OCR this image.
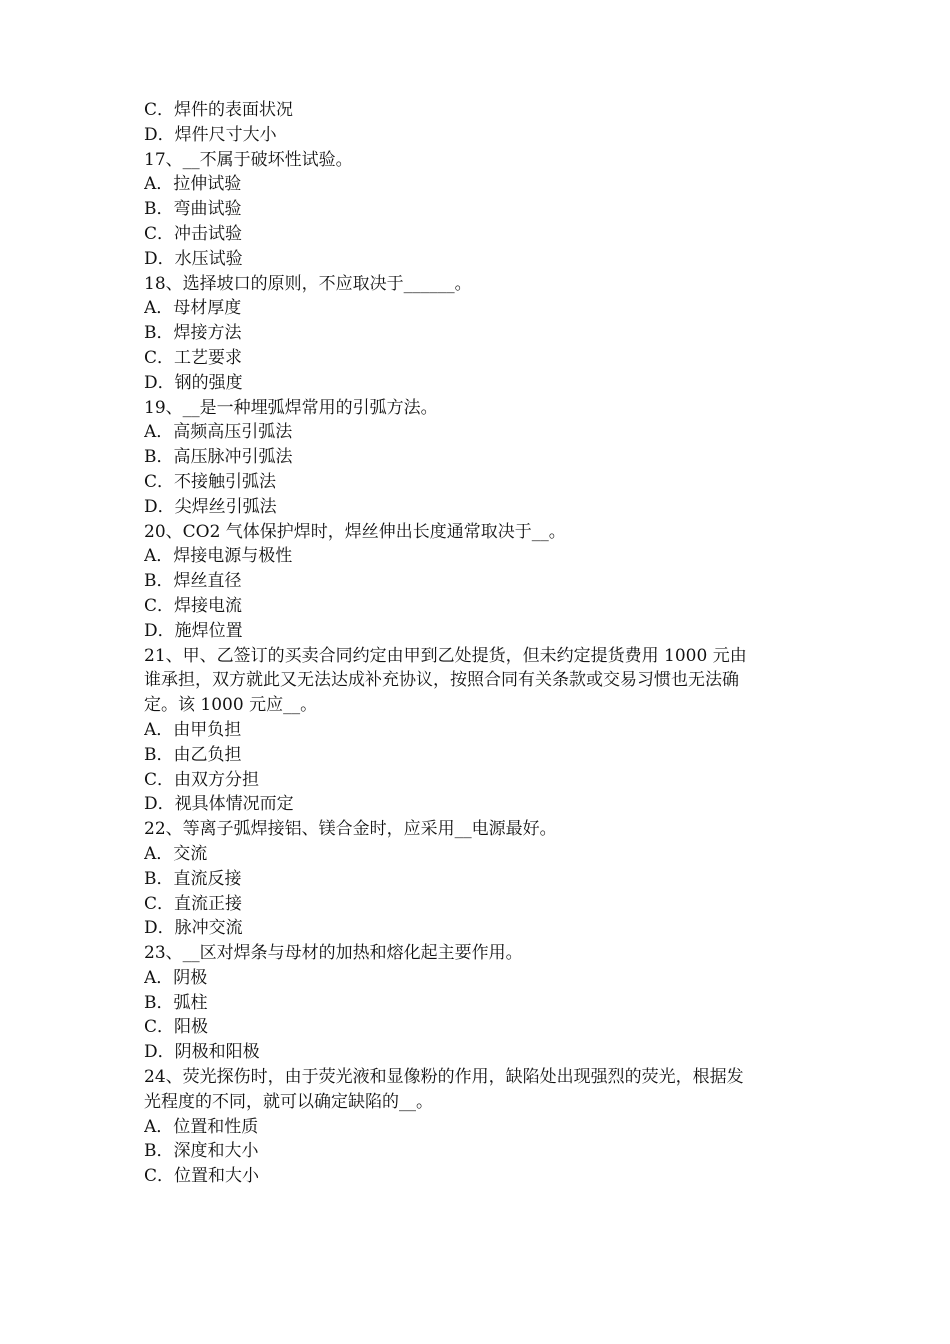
C．焊件的表面状况
D．焊件尺寸大小
17、__不属于破坏性试验。
A．拉伸试验
B．弯曲试验
C．冲击试验
D．水压试验
18、选择坡口的原则，不应取决于______。
A．母材厚度
B．焊接方法
C．工艺要求
D．钢的强度
19、__是一种埋弧焊常用的引弧方法。
A．高频高压引弧法
B．高压脉冲引弧法
C．不接触引弧法
D．尖焊丝引弧法
20、CO2 气体保护焊时，焊丝伸出长度通常取决于__。
A．焊接电源与极性
B．焊丝直径
C．焊接电流
D．施焊位置
21、甲、乙签订的买卖合同约定由甲到乙处提货，但未约定提货费用 1000 元由
谁承担，双方就此又无法达成补充协议，按照合同有关条款或交易习惯也无法确
定。该 1000 元应__。
A．由甲负担
B．由乙负担
C．由双方分担
D．视具体情况而定
22、等离子弧焊接铝、镁合金时，应采用__电源最好。
A．交流
B．直流反接
C．直流正接
D．脉冲交流
23、__区对焊条与母材的加热和熔化起主要作用。
A．阴极
B．弧柱
C．阳极
D．阴极和阳极
24、荧光探伤时，由于荧光液和显像粉的作用，缺陷处出现强烈的荧光，根据发
光程度的不同，就可以确定缺陷的__。
A．位置和性质
B．深度和大小
C．位置和大小
